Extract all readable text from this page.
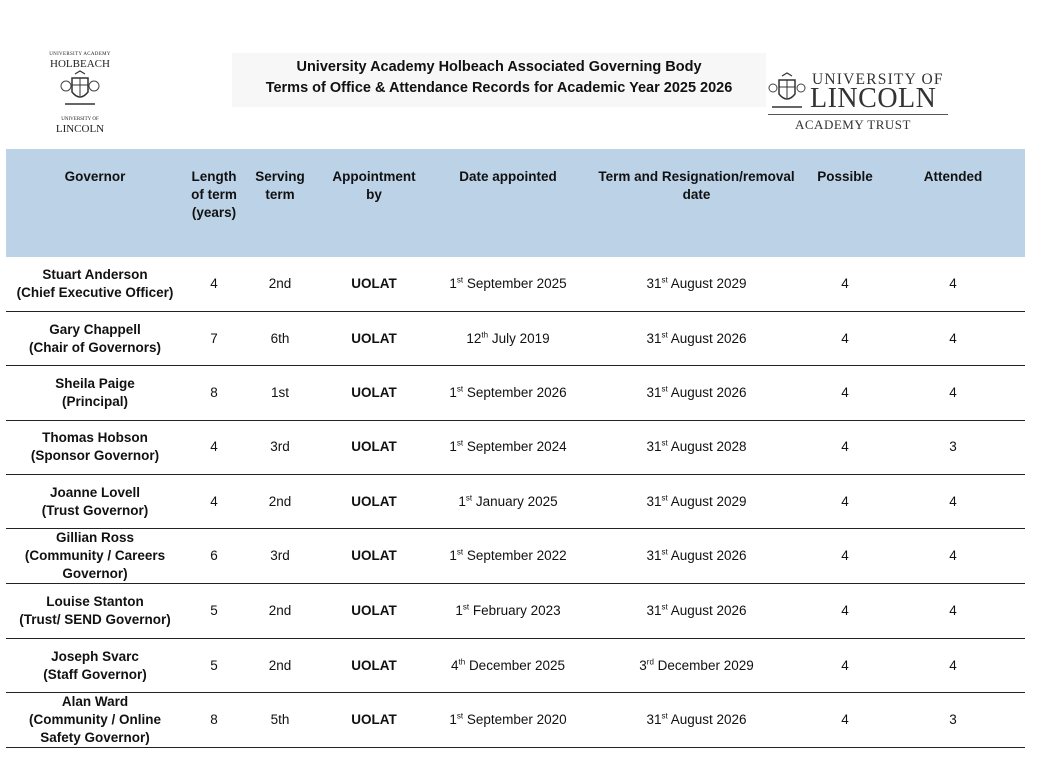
UNIVERSITY ACADEMY
HOLBEACH
UNIVERSITY OF
LINCOLN
University Academy Holbeach Associated Governing Body
Terms of Office & Attendance Records for Academic Year 2025 2026	UNIVERSITY OF
LINCOLN
ACADEMY TRUST
Governor	Length of term (years)	Serving term	Appointment by	Date appointed	Term and Resignation/removal date	Possible	Attended

Stuart Anderson
(Chief Executive Officer)	4	2nd	UOLAT	1st September 2025	31st August 2029	4	4

Gary Chappell
(Chair of Governors)	7	6th	UOLAT	12th July 2019	31st August 2026	4	4

Sheila Paige
(Principal)	8	1st	UOLAT	1st September 2026	31st August 2026	4	4

Thomas Hobson
(Sponsor Governor)	4	3rd	UOLAT	1st September 2024	31st August 2028	4	3

Joanne Lovell
(Trust Governor)	4	2nd	UOLAT	1st January 2025	31st August 2029	4	4

Gillian Ross
(Community / Careers Governor)	6	3rd	UOLAT	1st September 2022	31st August 2026	4	4

Louise Stanton
(Trust/ SEND Governor)	5	2nd	UOLAT	1st February 2023	31st August 2026	4	4

Joseph Svarc
(Staff Governor)	5	2nd	UOLAT	4th December 2025	3rd December 2029	4	4

Alan Ward
(Community / Online Safety Governor)	8	5th	UOLAT	1st September 2020	31st August 2026	4	3
